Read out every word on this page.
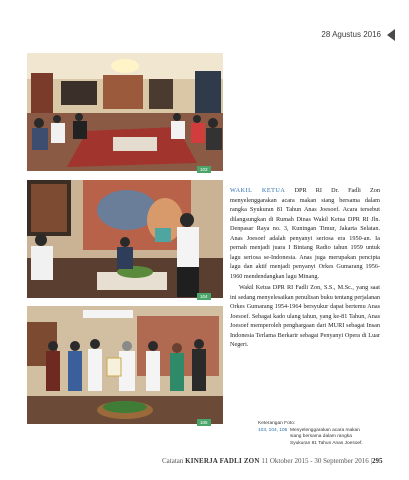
28 Agustus 2016
103
104
105

WAKIL KETUA DPR RI Dr. Fadli Zon menyelenggarakan acara makan siang bersama dalam rangka Syukuran 81 Tahun Anas Joesoef. Acara tersebut dilangsungkan di Rumah Dinas Wakil Ketua DPR RI Jln. Denpasar Raya no. 3, Kuningan Timur, Jakarta Selatan. Anas Joesoef adalah penyanyi seriosa era 1950-an. Ia pernah menjadi juara I Bintang Radio tahun 1959 untuk lagu seriosa se-Indonesia. Anas juga merupakan pencipta lagu dan aktif menjadi penyanyi Orkes Gumarang 1956-1960 mendendangkan lagu Minang.

Wakil Ketua DPR RI Fadli Zon, S.S., M.Sc., yang saat ini sedang menyelesaikan penulisan buku tentang perjalanan Orkes Gumarang 1954-1964 bersyukur dapat bertemu Anas Joesoef. Sebagai kado ulang tahun, yang ke-81 Tahun, Anas Joesoef memperoleh penghargaan dari MURI sebagai Insan Indonesia Terlama Berkarir sebagai Penyanyi Opera di Luar Negeri.

Keterangan Foto:
103, 104, 105 Menyelenggarakan acara makan siang bersama dalam rangka Syukuran 81 Tahun Anas Joesoef.
Catatan KINERJA FADLI ZON 11 Oktober 2015 - 30 September 2016 |295
